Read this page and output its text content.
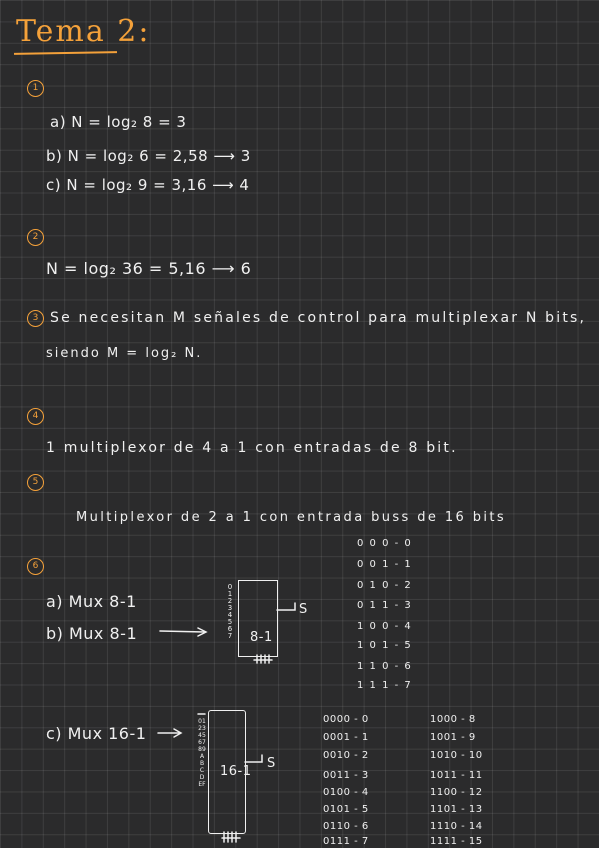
Tema 2:
1
a) N = log₂ 8 = 3
b) N = log₂ 6 = 2,58 ⟶ 3
c) N = log₂ 9 = 3,16 ⟶ 4
2
N = log₂ 36 = 5,16 ⟶ 6
3 Se necesitan M señales de control para multiplexar N bits,
siendo M = log₂ N.
4
1 multiplexor de 4 a 1 con entradas de 8 bit.
5
Multiplexor de 2 a 1 con entrada buss de 16 bits
6
a) Mux 8-1
b) Mux 8-1
c) Mux 16-1
01234567 8-1
S
0123456789ABCDEF
16-1
S
0 0 0 - 0
0 0 1 - 1
0 1 0 - 2
0 1 1 - 3
1 0 0 - 4
1 0 1 - 5
1 1 0 - 6
1 1 1 - 7
0000 - 0
0001 - 1
0010 - 2
0011 - 3
0100 - 4
0101 - 5
0110 - 6
0111 - 7
1000 - 8
1001 - 9
1010 - 10
1011 - 11
1100 - 12
1101 - 13
1110 - 14
1111 - 15
